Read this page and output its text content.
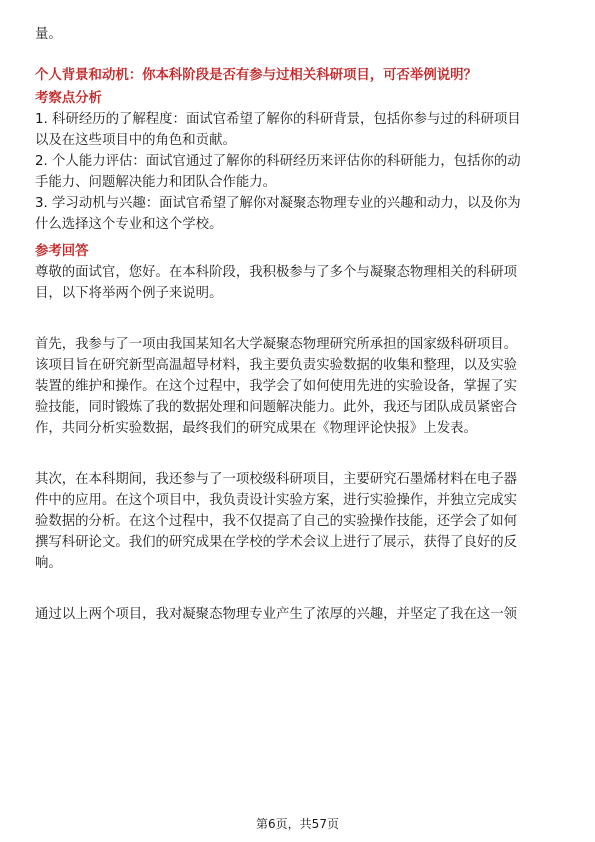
量。

个人背景和动机：你本科阶段是否有参与过相关科研项目，可否举例说明？

考察点分析

1. 科研经历的了解程度：面试官希望了解你的科研背景，包括你参与过的科研项目

以及在这些项目中的角色和贡献。

2. 个人能力评估：面试官通过了解你的科研经历来评估你的科研能力，包括你的动

手能力、问题解决能力和团队合作能力。

3. 学习动机与兴趣：面试官希望了解你对凝聚态物理专业的兴趣和动力，以及你为

什么选择这个专业和这个学校。

参考回答

尊敬的面试官，您好。在本科阶段，我积极参与了多个与凝聚态物理相关的科研项

目，以下将举两个例子来说明。

首先，我参与了一项由我国某知名大学凝聚态物理研究所承担的国家级科研项目。

该项目旨在研究新型高温超导材料，我主要负责实验数据的收集和整理，以及实验

装置的维护和操作。在这个过程中，我学会了如何使用先进的实验设备，掌握了实

验技能，同时锻炼了我的数据处理和问题解决能力。此外，我还与团队成员紧密合

作，共同分析实验数据，最终我们的研究成果在《物理评论快报》上发表。

其次，在本科期间，我还参与了一项校级科研项目，主要研究石墨烯材料在电子器

件中的应用。在这个项目中，我负责设计实验方案，进行实验操作，并独立完成实

验数据的分析。在这个过程中，我不仅提高了自己的实验操作技能，还学会了如何

撰写科研论文。我们的研究成果在学校的学术会议上进行了展示，获得了良好的反

响。

通过以上两个项目，我对凝聚态物理专业产生了浓厚的兴趣，并坚定了我在这一领

第6页，共57页
